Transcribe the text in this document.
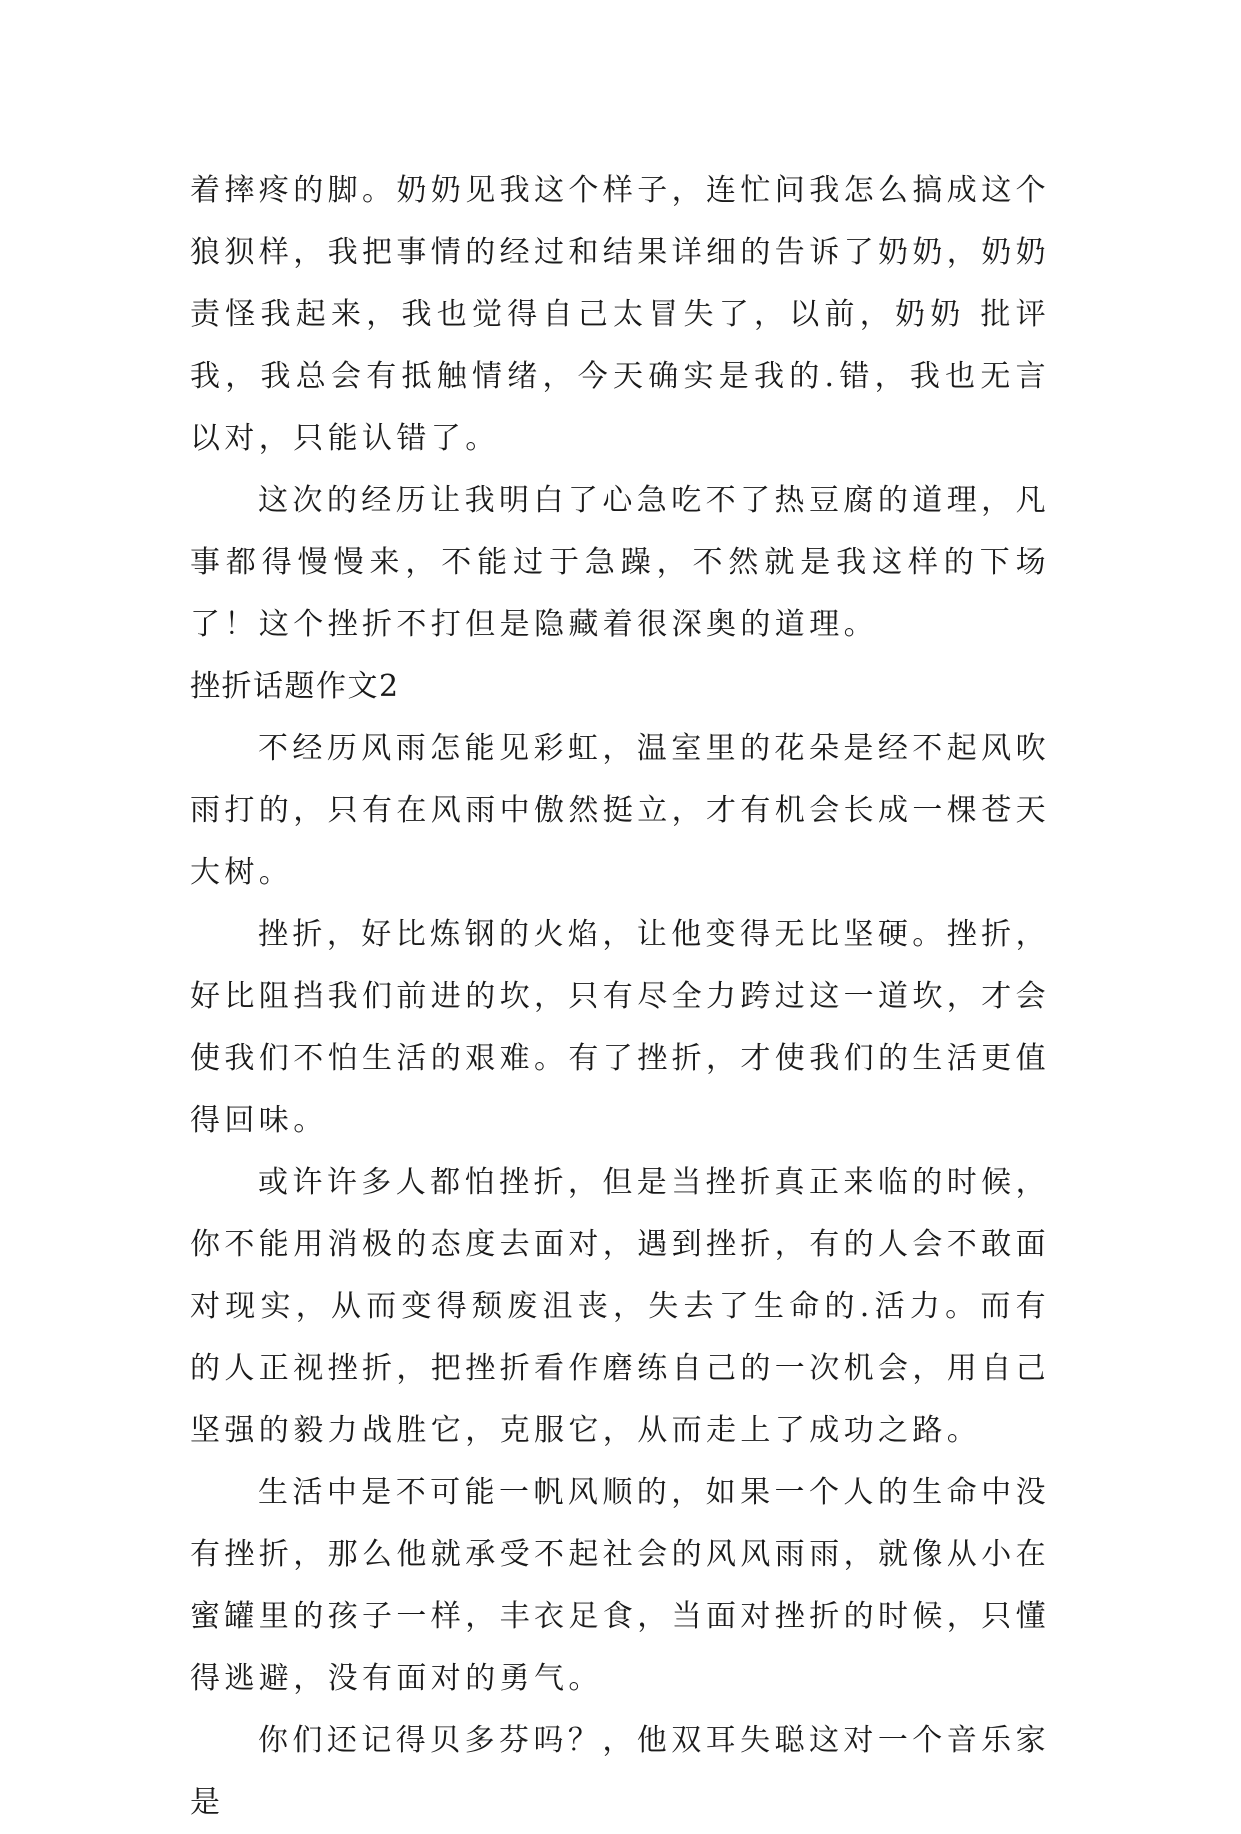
着摔疼的脚。奶奶见我这个样子，连忙问我怎么搞成这个狼狈样，我把事情的经过和结果详细的告诉了奶奶，奶奶责怪我起来，我也觉得自己太冒失了，以前，奶奶 批评我，我总会有抵触情绪，今天确实是我的.错，我也无言以对，只能认错了。

这次的经历让我明白了心急吃不了热豆腐的道理，凡事都得慢慢来，不能过于急躁，不然就是我这样的下场了！这个挫折不打但是隐藏着很深奥的道理。

挫折话题作文2

不经历风雨怎能见彩虹，温室里的花朵是经不起风吹雨打的，只有在风雨中傲然挺立，才有机会长成一棵苍天大树。

挫折，好比炼钢的火焰，让他变得无比坚硬。挫折，好比阻挡我们前进的坎，只有尽全力跨过这一道坎，才会使我们不怕生活的艰难。有了挫折，才使我们的生活更值得回味。

或许许多人都怕挫折，但是当挫折真正来临的时候，你不能用消极的态度去面对，遇到挫折，有的人会不敢面对现实，从而变得颓废沮丧，失去了生命的.活力。而有的人正视挫折，把挫折看作磨练自己的一次机会，用自己坚强的毅力战胜它，克服它，从而走上了成功之路。

生活中是不可能一帆风顺的，如果一个人的生命中没有挫折，那么他就承受不起社会的风风雨雨，就像从小在蜜罐里的孩子一样，丰衣足食，当面对挫折的时候，只懂得逃避，没有面对的勇气。

你们还记得贝多芬吗？，他双耳失聪这对一个音乐家是
